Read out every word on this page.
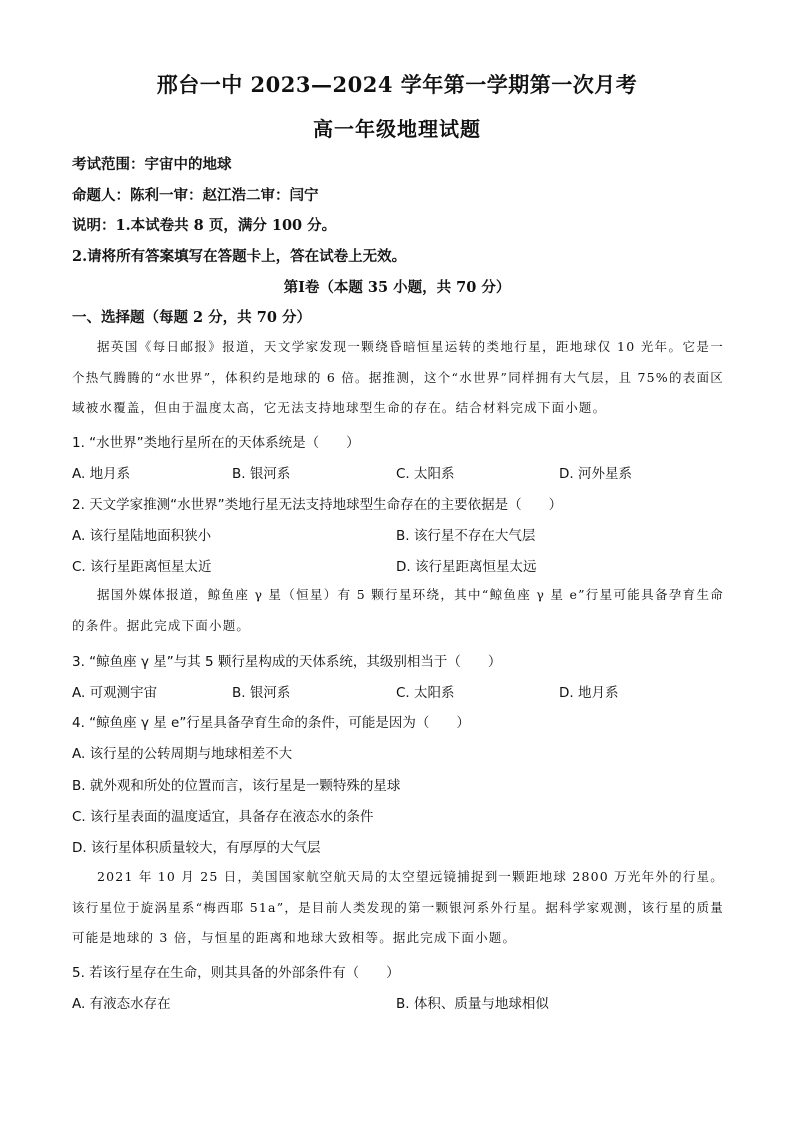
邢台一中 2023—2024 学年第一学期第一次月考
高一年级地理试题
考试范围：宇宙中的地球
命题人：陈利一审：赵江浩二审：闫宁
说明：1.本试卷共 8 页，满分 100 分。
2.请将所有答案填写在答题卡上，答在试卷上无效。
第Ⅰ卷（本题 35 小题，共 70 分）
一、选择题（每题 2 分，共 70 分）
据英国《每日邮报》报道，天文学家发现一颗绕昏暗恒星运转的类地行星，距地球仅 10 光年。它是一个热气腾腾的“水世界”，体积约是地球的 6 倍。据推测，这个“水世界”同样拥有大气层，且 75%的表面区域被水覆盖，但由于温度太高，它无法支持地球型生命的存在。结合材料完成下面小题。
1. “水世界”类地行星所在的天体系统是（　　）
A. 地月系	B. 银河系	C. 太阳系	D. 河外星系
2. 天文学家推测“水世界”类地行星无法支持地球型生命存在的主要依据是（　　）
A. 该行星陆地面积狭小	B. 该行星不存在大气层
C. 该行星距离恒星太近	D. 该行星距离恒星太远
据国外媒体报道，鲸鱼座 γ 星（恒星）有 5 颗行星环绕，其中“鲸鱼座 γ 星 e”行星可能具备孕育生命的条件。据此完成下面小题。
3. “鲸鱼座 γ 星”与其 5 颗行星构成的天体系统，其级别相当于（　　）
A. 可观测宇宙	B. 银河系	C. 太阳系	D. 地月系
4. “鲸鱼座 γ 星 e”行星具备孕育生命的条件，可能是因为（　　）
A. 该行星的公转周期与地球相差不大
B. 就外观和所处的位置而言，该行星是一颗特殊的星球
C. 该行星表面的温度适宜，具备存在液态水的条件
D. 该行星体积质量较大，有厚厚的大气层
2021 年 10 月 25 日，美国国家航空航天局的太空望远镜捕捉到一颗距地球 2800 万光年外的行星。该行星位于旋涡星系“梅西耶 51a”，是目前人类发现的第一颗银河系外行星。据科学家观测，该行星的质量可能是地球的 3 倍，与恒星的距离和地球大致相等。据此完成下面小题。
5. 若该行星存在生命，则其具备的外部条件有（　　）
A. 有液态水存在	B. 体积、质量与地球相似
